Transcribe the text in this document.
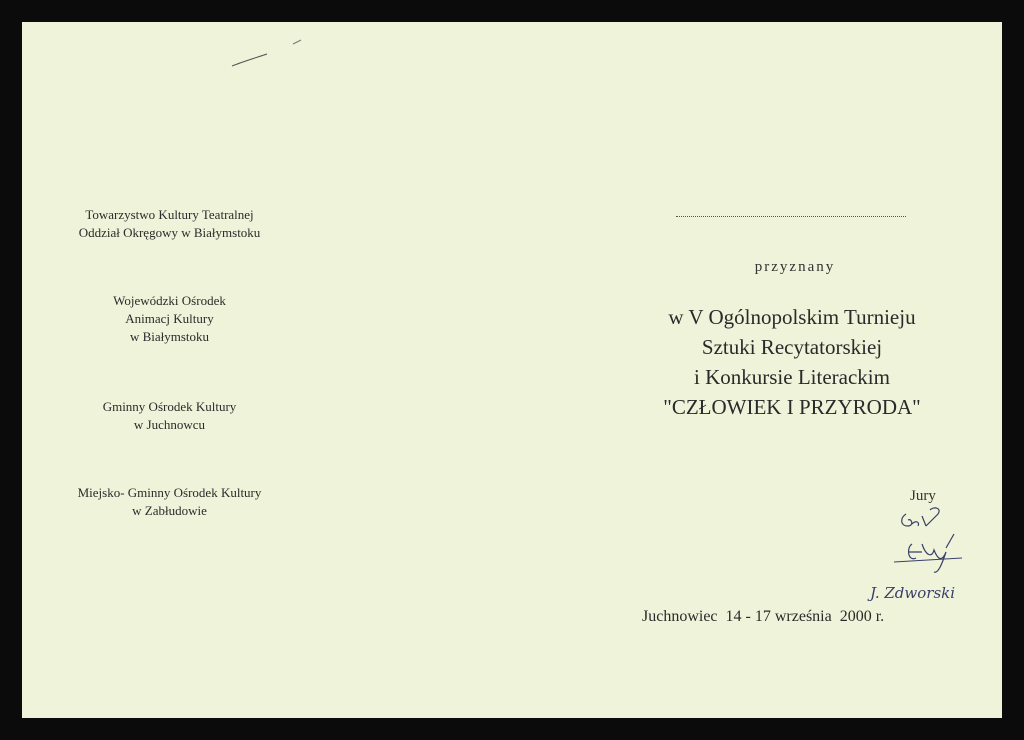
Towarzystwo Kultury Teatralnej
Oddział Okręgowy w Białymstoku
Wojewódzki Ośrodek
Animacj Kultury
w Białymstoku
Gminny Ośrodek Kultury
w Juchnowcu
Miejsko- Gminny Ośrodek Kultury
w Zabłudowie
przyznany
w V Ogólnopolskim Turnieju
Sztuki Recytatorskiej
i Konkursie Literackim
"CZŁOWIEK I PRZYRODA"
Jury
J. Zdworski
Juchnowiec  14 - 17 września  2000 r.
